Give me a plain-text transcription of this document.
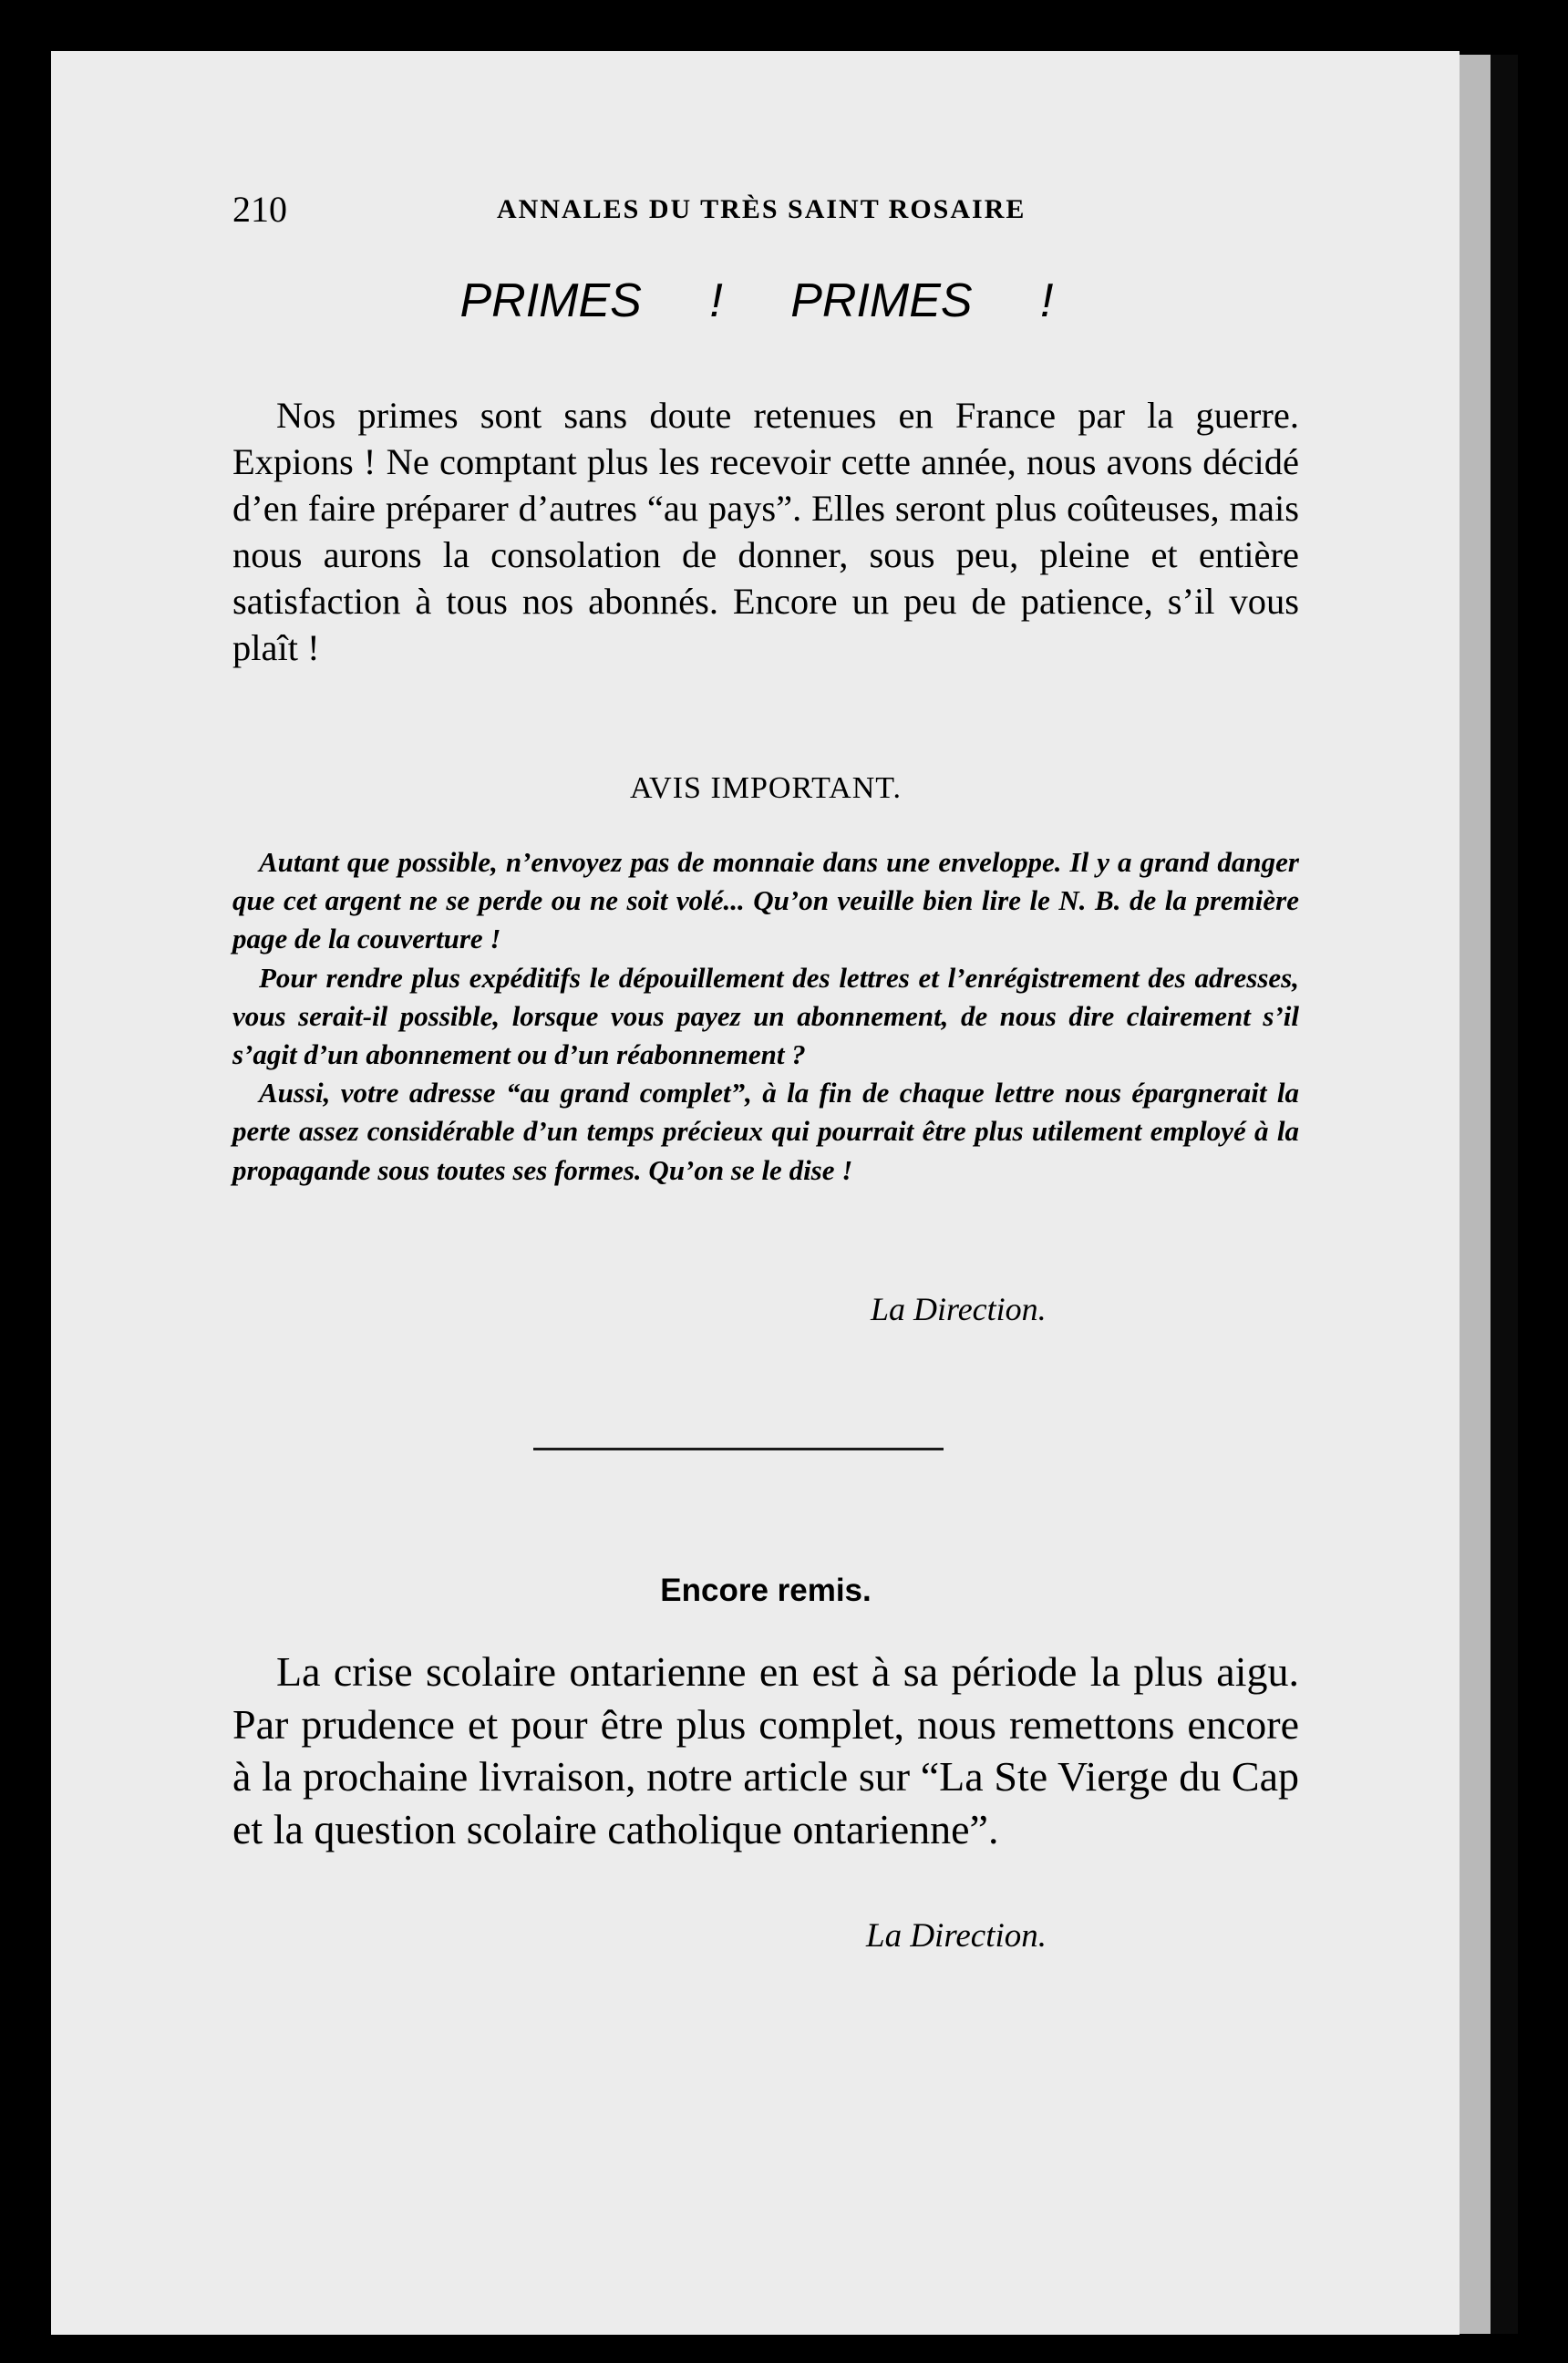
210	ANNALES DU TRÈS SAINT ROSAIRE
PRIMES ! PRIMES !

Nos primes sont sans doute retenues en France par la guerre. Expions ! Ne comptant plus les recevoir cette année, nous avons décidé d’en faire préparer d’autres “au pays”. Elles seront plus coûteuses, mais nous aurons la consolation de donner, sous peu, pleine et entière satisfaction à tous nos abonnés. Encore un peu de patience, s’il vous plaît !

AVIS IMPORTANT.

Autant que possible, n’envoyez pas de monnaie dans une enveloppe. Il y a grand danger que cet argent ne se perde ou ne soit volé... Qu’on veuille bien lire le N. B. de la première page de la couverture !

Pour rendre plus expéditifs le dépouillement des lettres et l’enrégistrement des adresses, vous serait-il possible, lorsque vous payez un abonnement, de nous dire clairement s’il s’agit d’un abonnement ou d’un réabonnement ?

Aussi, votre adresse “au grand complet”, à la fin de chaque lettre nous épargnerait la perte assez considérable d’un temps précieux qui pourrait être plus utilement employé à la propagande sous toutes ses formes. Qu’on se le dise !

La Direction.
Encore remis.

La crise scolaire ontarienne en est à sa période la plus aigu. Par prudence et pour être plus complet, nous remettons encore à la prochaine livraison, notre article sur “La Ste Vierge du Cap et la question scolaire catholique ontarienne”.

La Direction.
